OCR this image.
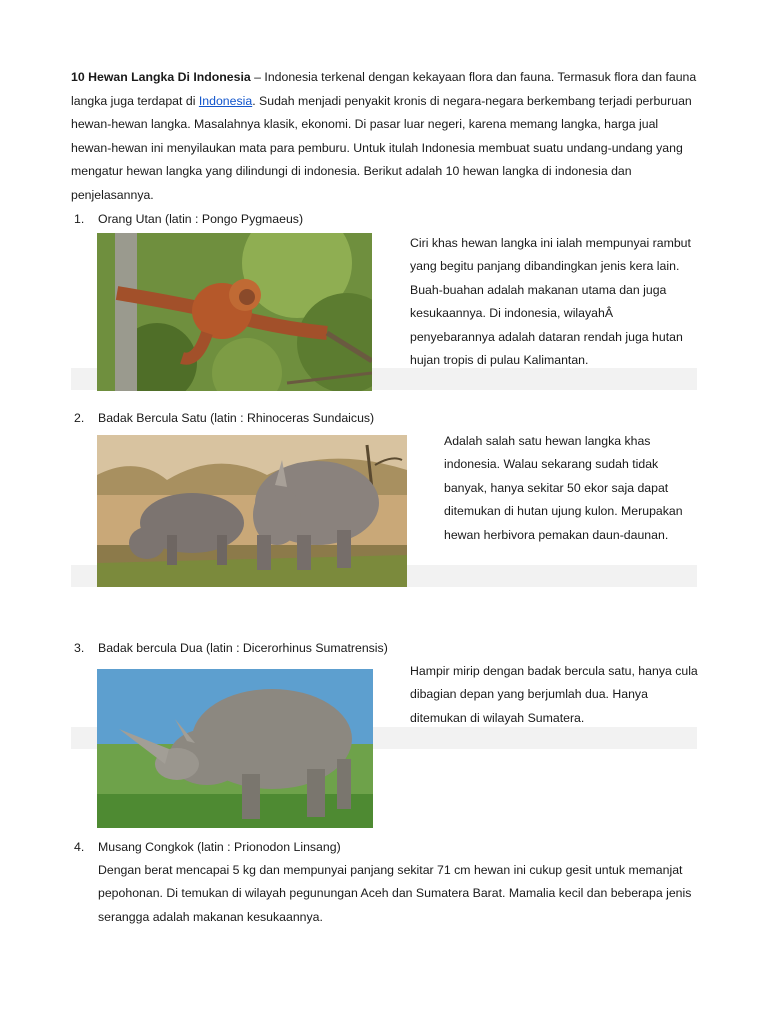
10 Hewan Langka Di Indonesia – Indonesia terkenal dengan kekayaan flora dan fauna. Termasuk flora dan fauna langka juga terdapat di Indonesia. Sudah menjadi penyakit kronis di negara-negara berkembang terjadi perburuan hewan-hewan langka. Masalahnya klasik, ekonomi. Di pasar luar negeri, karena memang langka, harga jual hewan-hewan ini menyilaukan mata para pemburu. Untuk itulah Indonesia membuat suatu undang-undang yang mengatur hewan langka yang dilindungi di indonesia. Berikut adalah 10 hewan langka di indonesia dan penjelasannya.

1. Orang Utan (latin : Pongo Pygmaeus)

Ciri khas hewan langka ini ialah mempunyai rambut yang begitu panjang dibandingkan jenis kera lain. Buah-buahan adalah makanan utama dan juga kesukaannya. Di indonesia, wilayahÂ penyebarannya adalah dataran rendah juga hutan hujan tropis di pulau Kalimantan.

2. Badak Bercula Satu (latin : Rhinoceras Sundaicus)

Adalah salah satu hewan langka khas indonesia. Walau sekarang sudah tidak banyak, hanya sekitar 50 ekor saja dapat ditemukan di hutan ujung kulon. Merupakan hewan herbivora pemakan daun-daunan.

3. Badak bercula Dua (latin : Dicerorhinus Sumatrensis)

Hampir mirip dengan badak bercula satu, hanya cula dibagian depan yang berjumlah dua. Hanya ditemukan di wilayah Sumatera.

4. Musang Congkok (latin : Prionodon Linsang)

Dengan berat mencapai 5 kg dan mempunyai panjang sekitar 71 cm hewan ini cukup gesit untuk memanjat pepohonan. Di temukan di wilayah pegunungan Aceh dan Sumatera Barat. Mamalia kecil dan beberapa jenis serangga adalah makanan kesukaannya.
